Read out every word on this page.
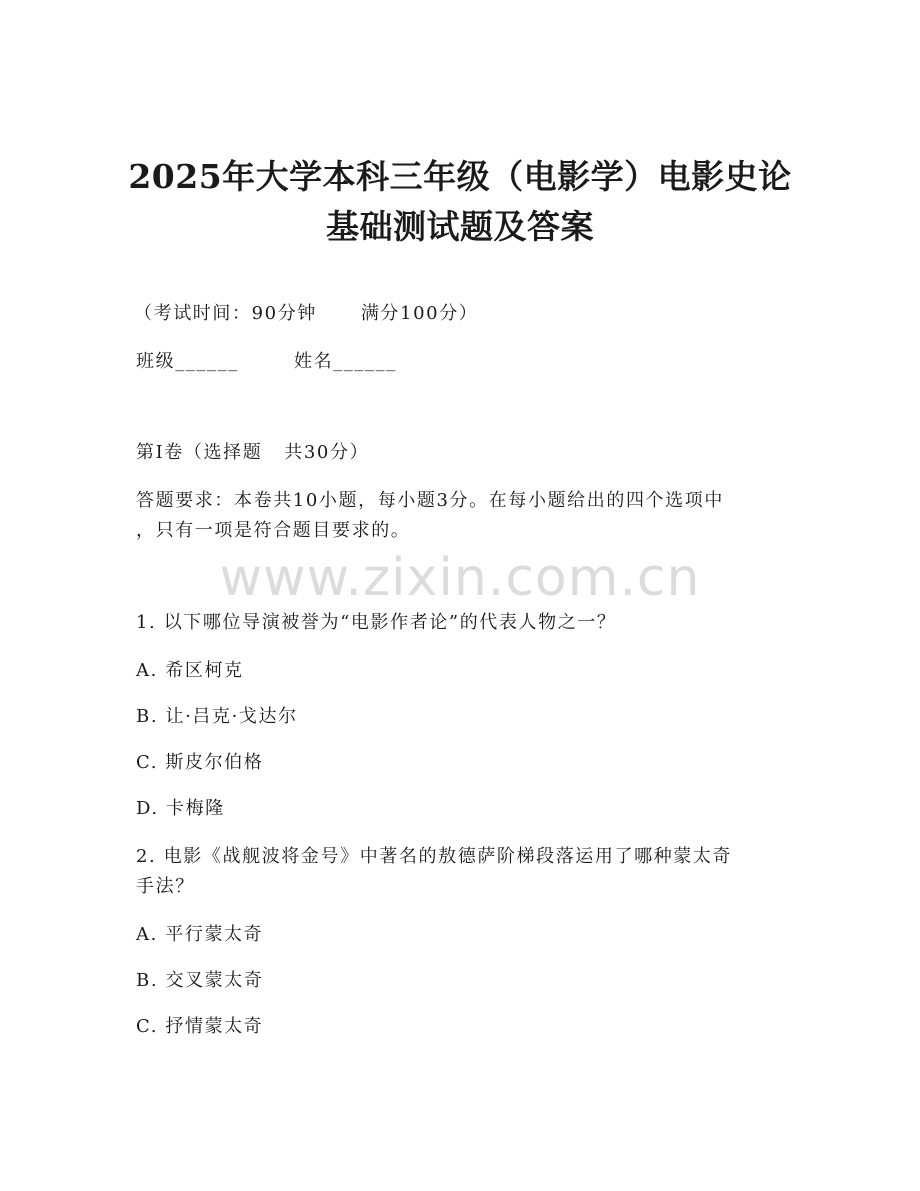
2025年大学本科三年级（电影学）电影史论
基础测试题及答案
（考试时间：90分钟      满分100分）
班级______	姓名______
第I卷（选择题   共30分）
答题要求：本卷共10小题，每小题3分。在每小题给出的四个选项中
，只有一项是符合题目要求的。
www.zixin.com.cn
1. 以下哪位导演被誉为“电影作者论”的代表人物之一？
A. 希区柯克
B. 让·吕克·戈达尔
C. 斯皮尔伯格
D. 卡梅隆
2. 电影《战舰波将金号》中著名的敖德萨阶梯段落运用了哪种蒙太奇
手法？
A. 平行蒙太奇
B. 交叉蒙太奇
C. 抒情蒙太奇
